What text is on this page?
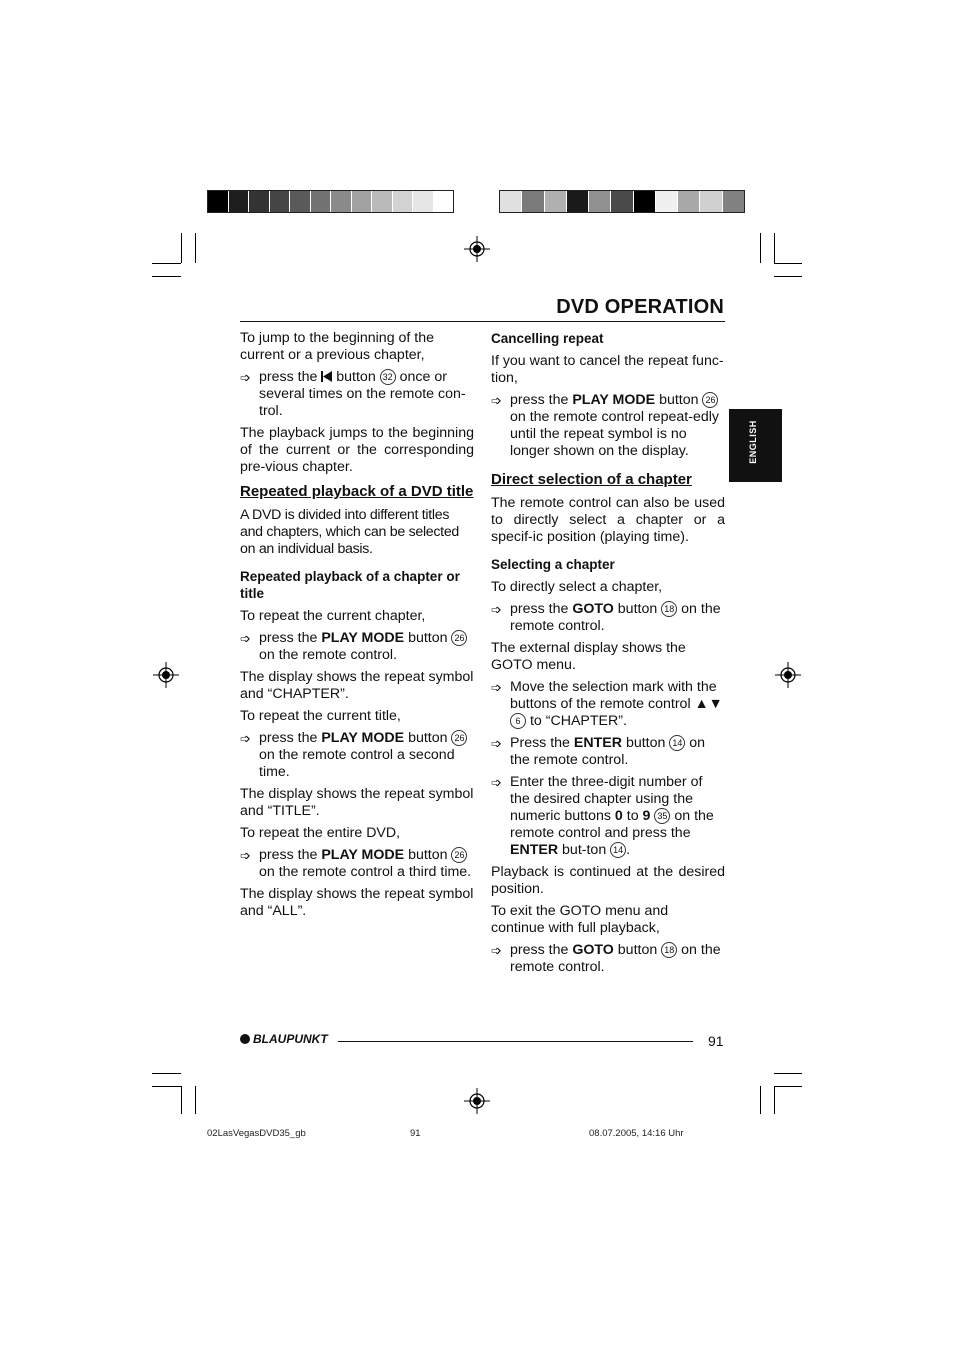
DVD OPERATION
ENGLISH

To jump to the beginning of the current or a previous chapter,

➩ press the button 32 once or several times on the remote con-trol.

The playback jumps to the beginning of the current or the corresponding pre-vious chapter.

Repeated playback of a DVD title

A DVD is divided into different titles and chapters, which can be selected on an individual basis.

Repeated playback of a chapter or title

To repeat the current chapter,

➩ press the PLAY MODE button 26 on the remote control.

The display shows the repeat symbol and “CHAPTER”.

To repeat the current title,

➩ press the PLAY MODE button 26 on the remote control a second time.

The display shows the repeat symbol and “TITLE”.

To repeat the entire DVD,

➩ press the PLAY MODE button 26 on the remote control a third time.

The display shows the repeat symbol and “ALL”.

Cancelling repeat

If you want to cancel the repeat func-tion,

➩ press the PLAY MODE button 26 on the remote control repeat-edly until the repeat symbol is no longer shown on the display.
Direct selection of a chapter

The remote control can also be used to directly select a chapter or a specif-ic position (playing time).

Selecting a chapter

To directly select a chapter,

➩ press the GOTO button 18 on the remote control.

The external display shows the GOTO menu.

➩ Move the selection mark with the buttons of the remote control ▲▼ 6 to “CHAPTER”.
➩ Press the ENTER button 14 on the remote control.
➩ Enter the three-digit number of the desired chapter using the numeric buttons 0 to 9 35 on the remote control and press the ENTER but-ton 14 .

Playback is continued at the desired position.

To exit the GOTO menu and continue with full playback,

➩ press the GOTO button 18 on the remote control.
BLAUPUNKT	91
02LasVegasDVD35_gb	91	08.07.2005, 14:16 Uhr
